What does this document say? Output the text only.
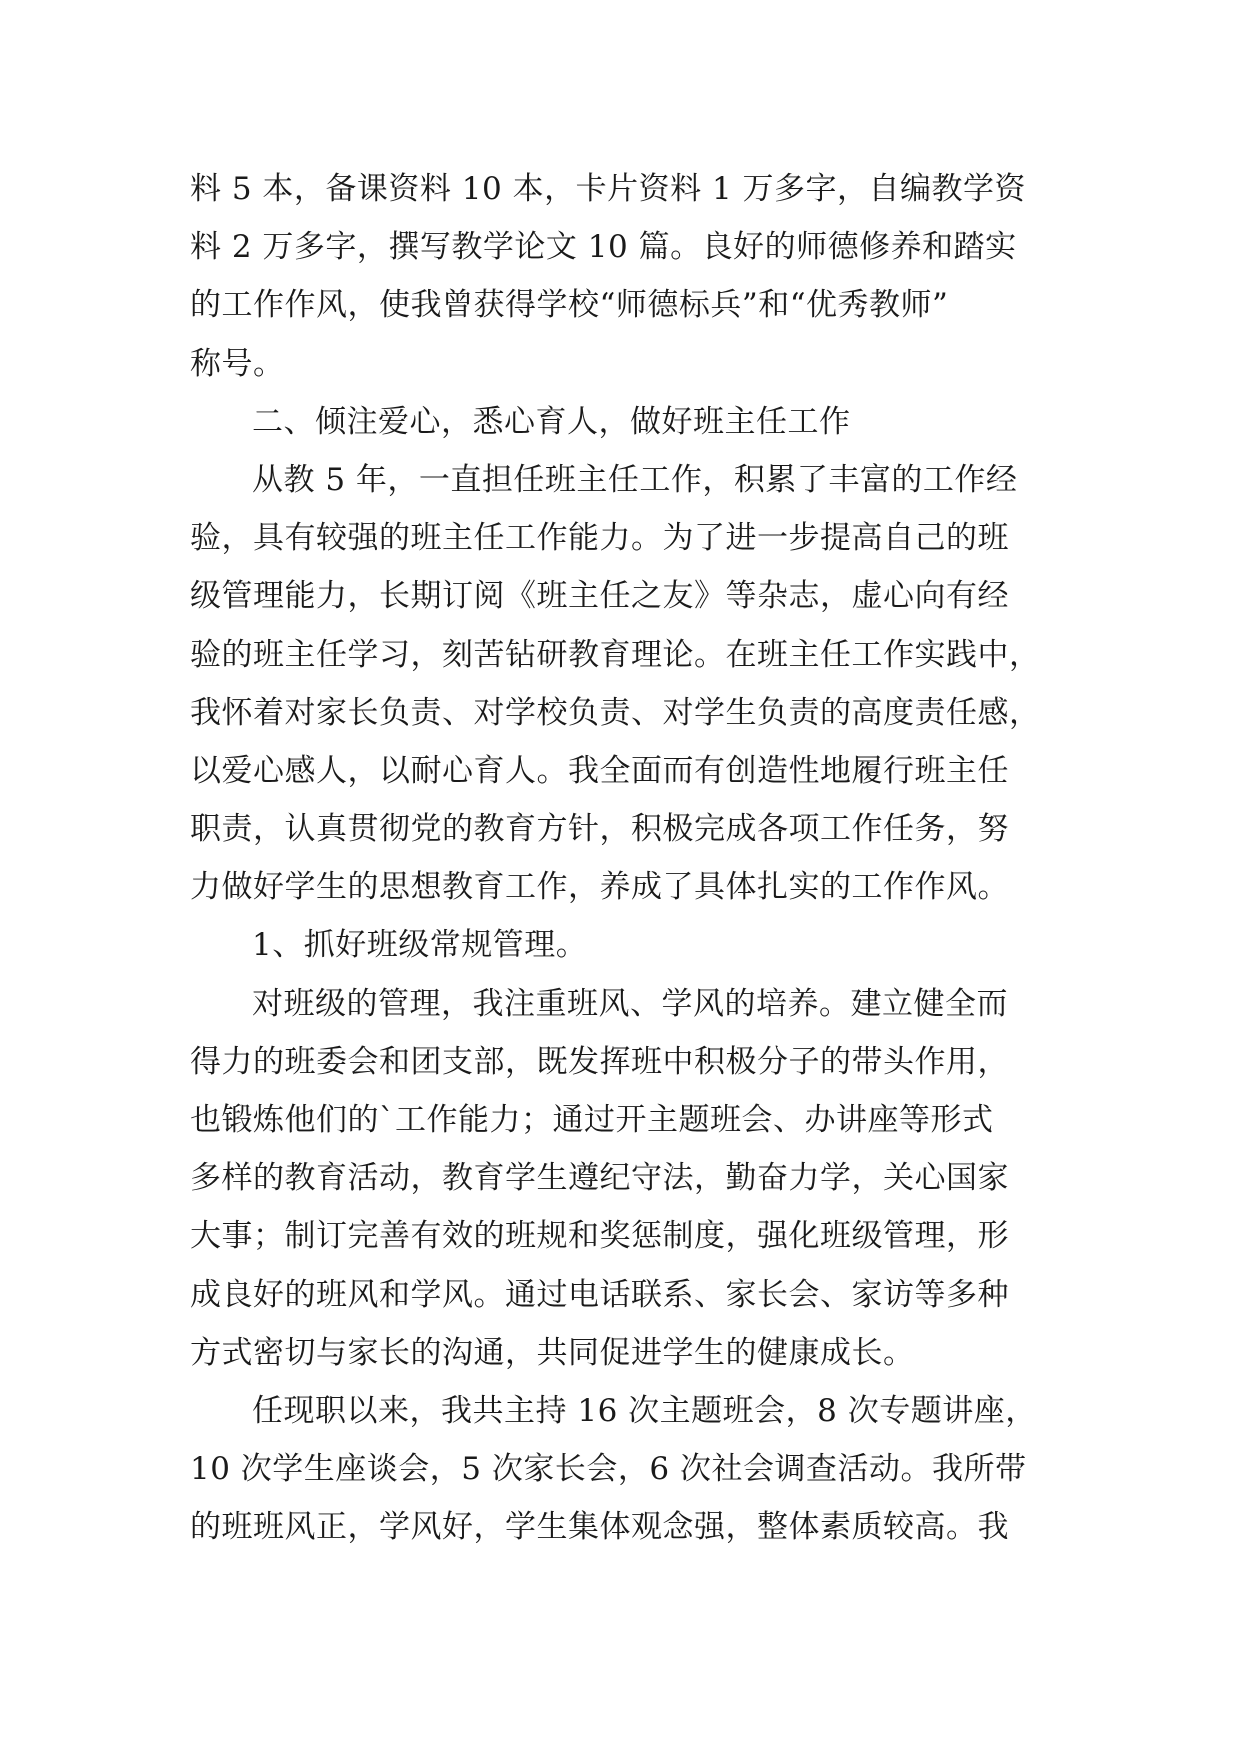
料 5 本，备课资料 10 本，卡片资料 1 万多字，自编教学资
料 2 万多字，撰写教学论文 10 篇。良好的师德修养和踏实
的工作作风，使我曾获得学校“师德标兵”和“优秀教师”
称号。
二、倾注爱心，悉心育人，做好班主任工作
从教 5 年，一直担任班主任工作，积累了丰富的工作经
验，具有较强的班主任工作能力。为了进一步提高自己的班
级管理能力，长期订阅《班主任之友》等杂志，虚心向有经
验的班主任学习，刻苦钻研教育理论。在班主任工作实践中，
我怀着对家长负责、对学校负责、对学生负责的高度责任感，
以爱心感人，以耐心育人。我全面而有创造性地履行班主任
职责，认真贯彻党的教育方针，积极完成各项工作任务，努
力做好学生的思想教育工作，养成了具体扎实的工作作风。
1、抓好班级常规管理。
对班级的管理，我注重班风、学风的培养。建立健全而
得力的班委会和团支部，既发挥班中积极分子的带头作用，
也锻炼他们的`工作能力；通过开主题班会、办讲座等形式
多样的教育活动，教育学生遵纪守法，勤奋力学，关心国家
大事；制订完善有效的班规和奖惩制度，强化班级管理，形
成良好的班风和学风。通过电话联系、家长会、家访等多种
方式密切与家长的沟通，共同促进学生的健康成长。
任现职以来，我共主持 16 次主题班会，8 次专题讲座，
10 次学生座谈会，5 次家长会，6 次社会调查活动。我所带
的班班风正，学风好，学生集体观念强，整体素质较高。我
